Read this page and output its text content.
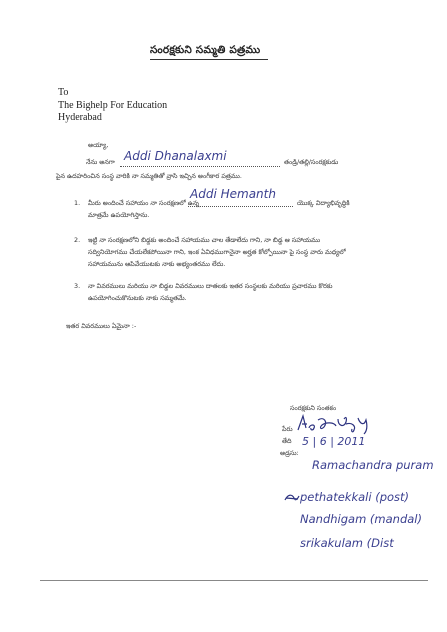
సంరక్షకుని సమ్మతి పత్రము
To
The Bighelp For Education
Hyderabad
అయ్యా,
నేను అనగా Addi Dhanalaxmi	తండ్రి/తల్లి/సంరక్షకుడు
పైన ఉదహరించిన సంస్థ వారికి నా సమ్మతితో వ్రాసి ఇచ్చిన అంగీకార పత్రము.
1. మీరు అందించే సహాయం నా సంరక్షణలో ఉన్న
Addi Hemanth
యొక్క విద్యాభివృద్ధికి
మాత్రమే ఉపయోగిస్తాను.
2. ఇట్టి నా సంరక్షణలోని బిడ్డకు అందించే సహాయము చాల తేడాలేదు గాని, నా బిడ్డ ఆ సహాయము
సద్వినియోగము చేయలేకపోయినా గాని, ఇంక ఏవిధముగానైనా అర్హత కోల్పోయినా పై సంస్థ వారు మధ్యలో
సహాయమును ఆపివేయుటకు నాకు అభ్యంతరము లేదు.
3. నా వివరములు మరియు నా బిడ్డల వివరములు దాతలకు ఇతర సంస్థలకు మరియు ప్రచారము కొరకు
ఉపయోగించుకొనుటకు నాకు సమ్మతమే.
ఇతర వివరములు ఏమైనా :-
సంరక్షకుని సంతకం
పేరు
తేది
అడ్రసు:
5 | 6 | 2011
Ramachandra puram
pethatekkali (post)
Nandhigam (mandal)
srikakulam (Dist
